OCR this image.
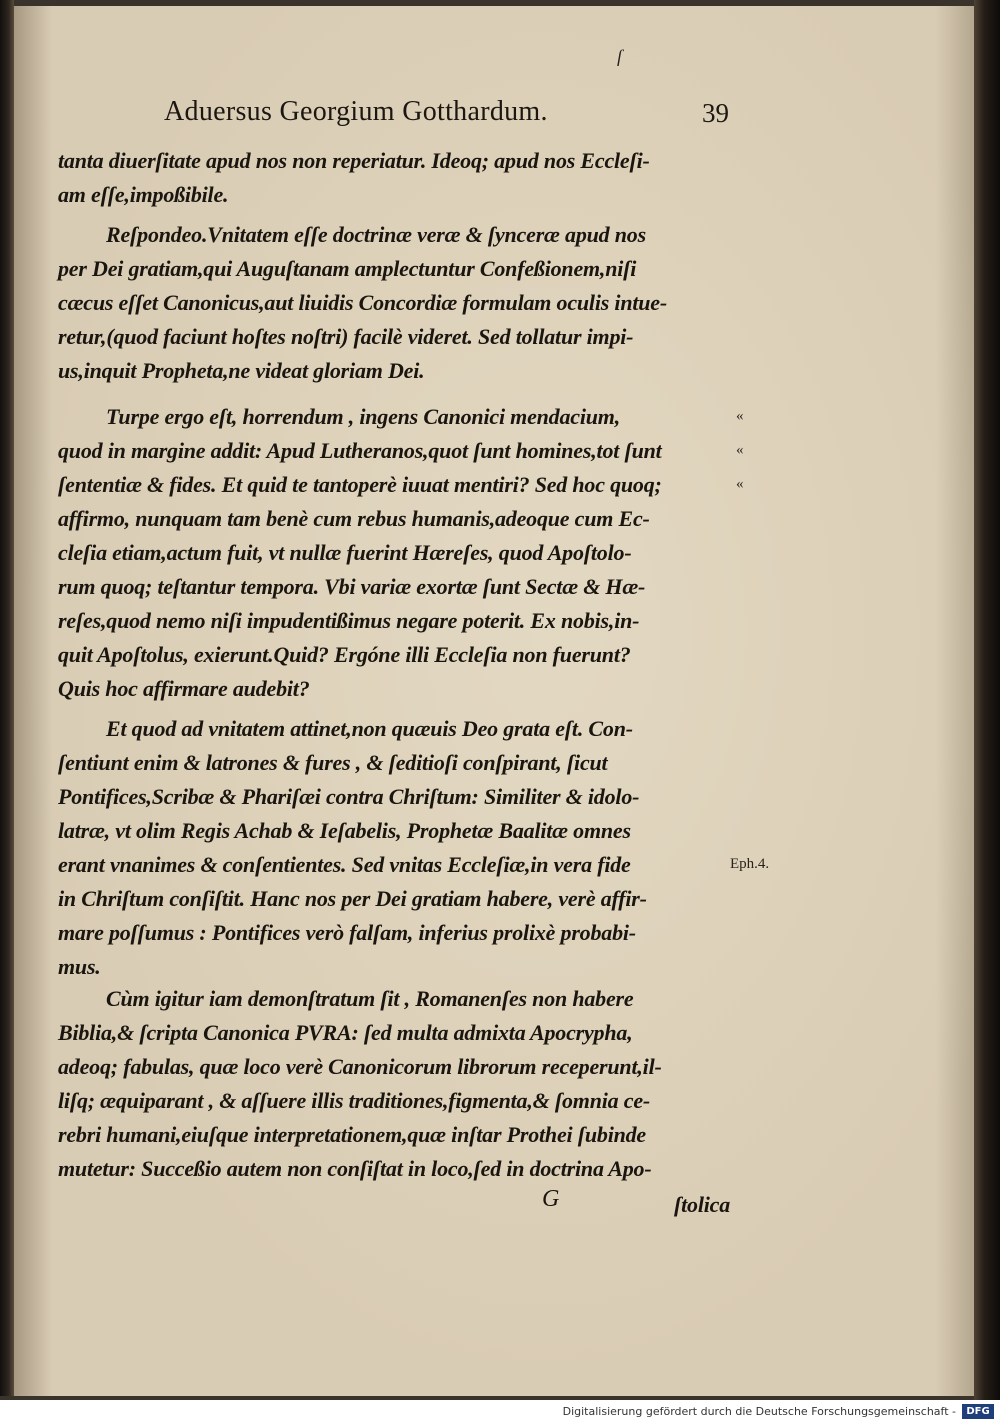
ſ
Aduersus Georgium Gotthardum.	39
tanta diuerſitate apud nos non reperiatur. Ideoq; apud nos Eccleſi-
am eſſe,impoßibile.
Reſpondeo.Vnitatem eſſe doctrinæ veræ & ſynceræ apud nos
per Dei gratiam,qui Auguſtanam amplectuntur Confeßionem,niſi
cæcus eſſet Canonicus,aut liuidis Concordiæ formulam oculis intue-
retur,(quod faciunt hoſtes noſtri) facilè videret. Sed tollatur impi-
us,inquit Propheta,ne videat gloriam Dei.
Turpe ergo eſt, horrendum , ingens Canonici mendacium,
quod in margine addit: Apud Lutheranos,quot ſunt homines,tot ſunt
ſententiæ & fides. Et quid te tantoperè iuuat mentiri? Sed hoc quoq;
affirmo, nunquam tam benè cum rebus humanis,adeoque cum Ec-
cleſia etiam,actum fuit, vt nullæ fuerint Hæreſes, quod Apoſtolo-
rum quoq; teſtantur tempora. Vbi variæ exortæ ſunt Sectæ & Hæ-
reſes,quod nemo niſi impudentißimus negare poterit. Ex nobis,in-
quit Apoſtolus, exierunt.Quid? Ergóne illi Eccleſia non fuerunt?
Quis hoc affirmare audebit?
Et quod ad vnitatem attinet,non quæuis Deo grata eſt. Con-
ſentiunt enim & latrones & fures , & ſeditioſi conſpirant, ſicut
Pontifices,Scribæ & Phariſæi contra Chriſtum: Similiter & idolo-
latræ, vt olim Regis Achab & Ieſabelis, Prophetæ Baalitæ omnes
erant vnanimes & conſentientes. Sed vnitas Eccleſiæ,in vera fide
in Chriſtum conſiſtit. Hanc nos per Dei gratiam habere, verè affir-
mare poſſumus : Pontifices verò falſam, inferius prolixè probabi-
mus.
Cùm igitur iam demonſtratum ſit , Romanenſes non habere
Biblia,& ſcripta Canonica PVRA: ſed multa admixta Apocrypha,
adeoq; fabulas, quæ loco verè Canonicorum librorum receperunt,il-
liſq; æquiparant , & aſſuere illis traditiones,figmenta,& ſomnia ce-
rebri humani,eiuſque interpretationem,quæ inſtar Prothei ſubinde
mutetur: Succeßio autem non conſiſtat in loco,ſed in doctrina Apo-
G	ſtolica
«
«
«
Eph.4.
Digitalisierung gefördert durch die Deutsche Forschungsgemeinschaft -	DFG
